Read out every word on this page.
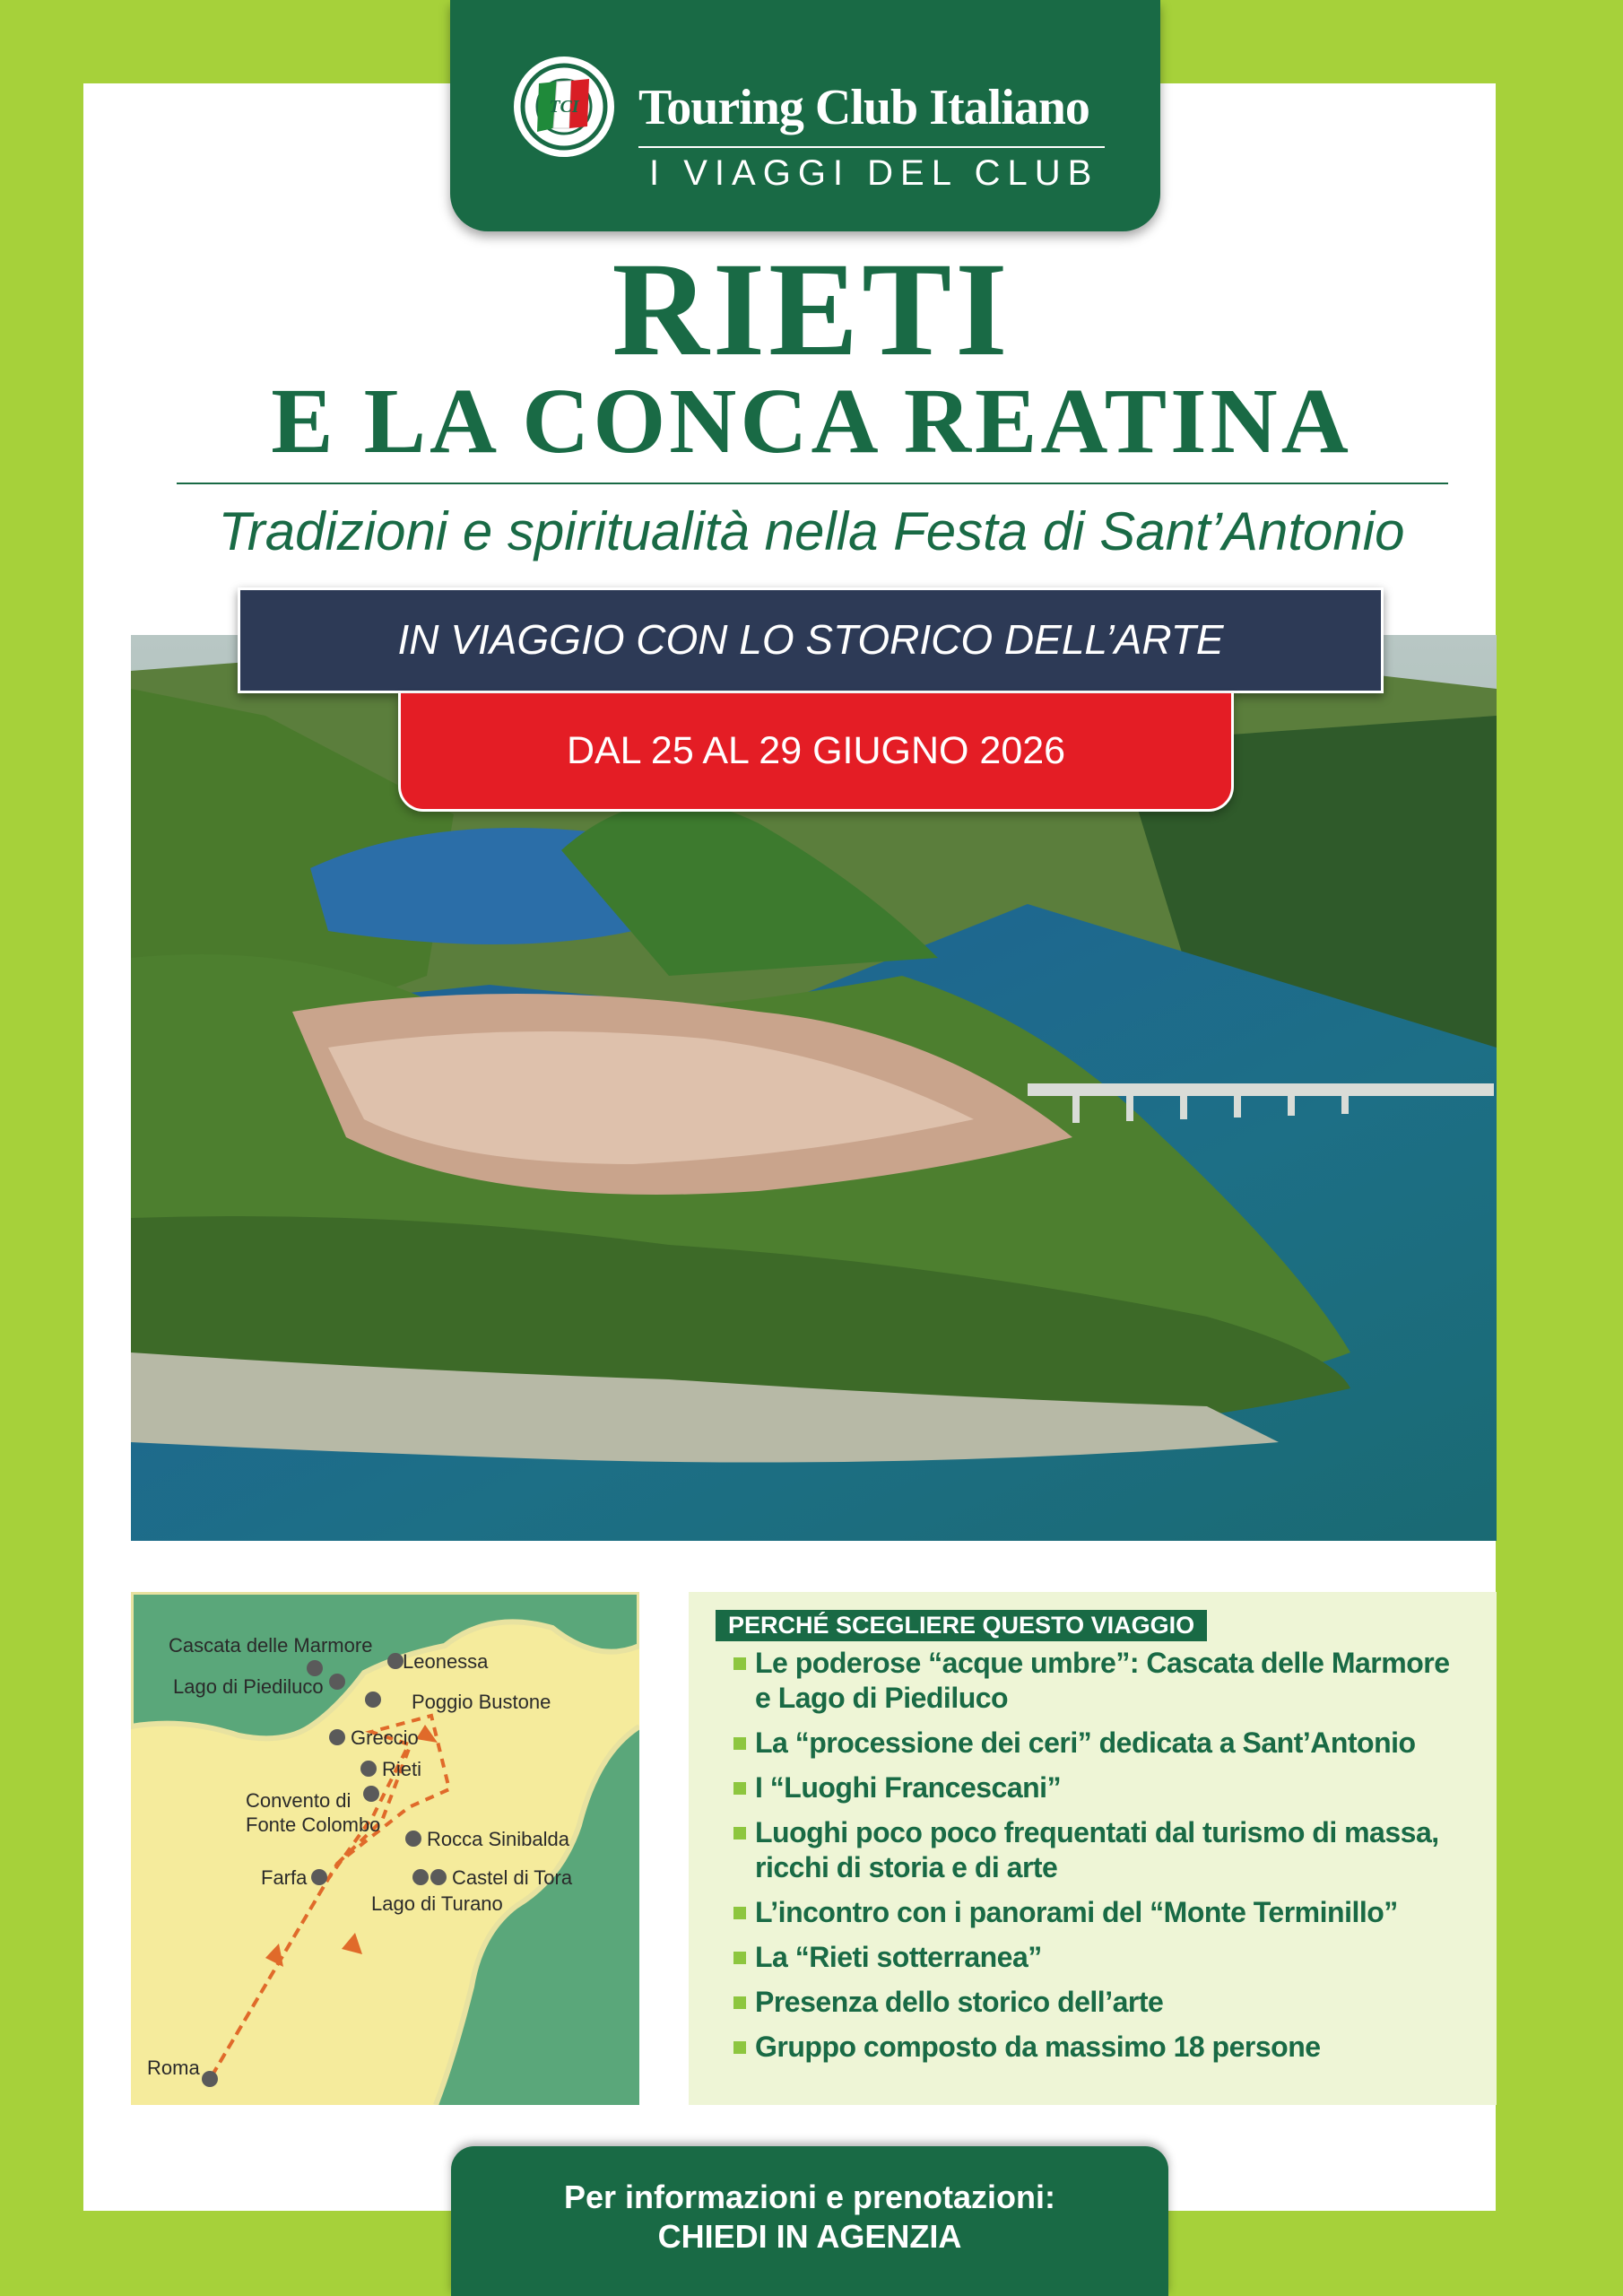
TCI Touring Club Italiano
I VIAGGI DEL CLUB
RIETI
E LA CONCA REATINA
Tradizioni e spiritualità nella Festa di Sant’Antonio
IN VIAGGIO CON LO STORICO DELL’ARTE
DAL 25 AL 29 GIUGNO 2026
Cascata delle Marmore
Leonessa
Lago di Piediluco
Poggio Bustone
Greccio
Rieti
Convento di
Fonte Colombo
Rocca Sinibalda
Farfa	Castel di Tora
Lago di Turano
Roma
PERCHÉ SCEGLIERE QUESTO VIAGGIO
Le poderose “acque umbre”: Cascata delle Marmore
e Lago di Piediluco
La “processione dei ceri” dedicata a Sant’Antonio
I “Luoghi Francescani”
Luoghi poco poco frequentati dal turismo di massa,
ricchi di storia e di arte
L’incontro con i panorami del “Monte Terminillo”
La “Rieti sotterranea”
Presenza dello storico dell’arte
Gruppo composto da massimo 18 persone
Per informazioni e prenotazioni:
CHIEDI IN AGENZIA
